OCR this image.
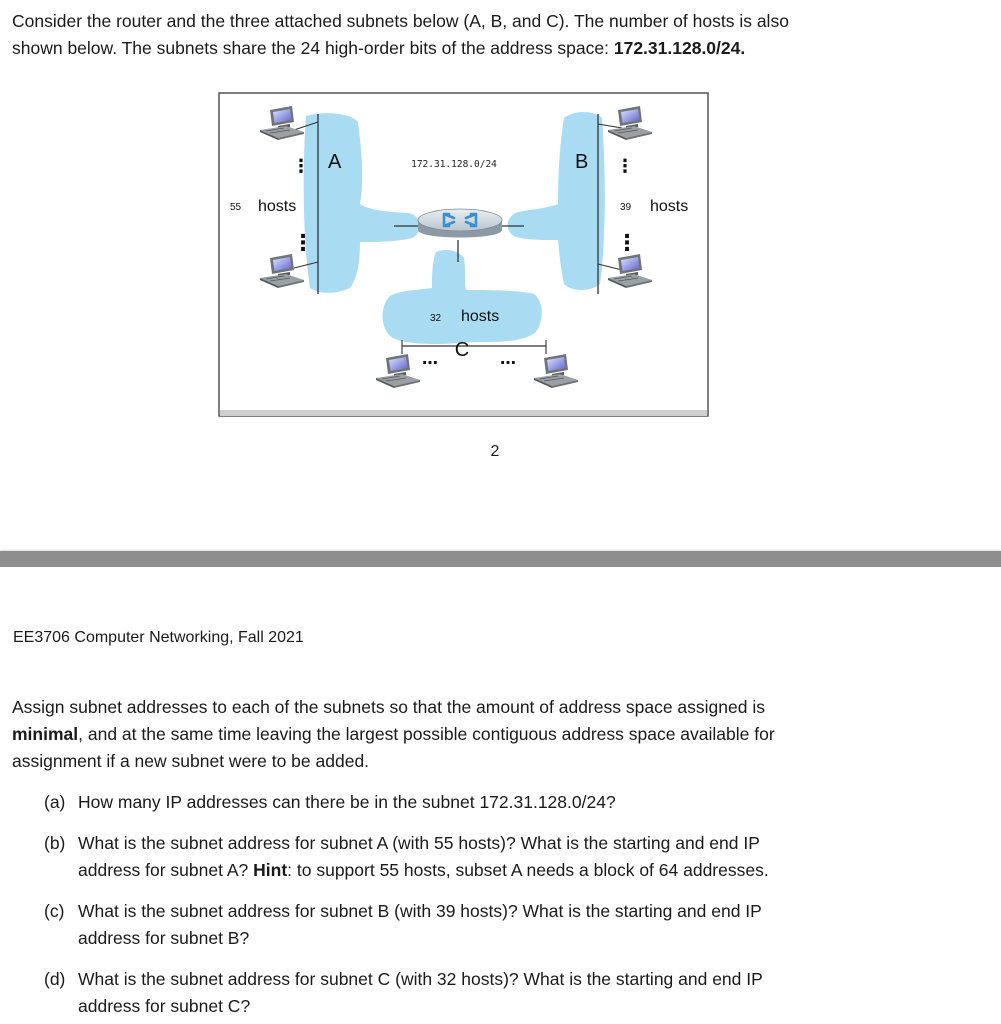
Consider the router and the three attached subnets below (A, B, and C). The number of hosts is also
shown below. The subnets share the 24 high-order bits of the address space: 172.31.128.0/24.
A	B
C
172.31.128.0/24
55 hosts	39 hosts
32 hosts
⋮
⋮
⋮
⋮
…	…
2
EE3706 Computer Networking, Fall 2021
Assign subnet addresses to each of the subnets so that the amount of address space assigned is
minimal, and at the same time leaving the largest possible contiguous address space available for
assignment if a new subnet were to be added.
(a) How many IP addresses can there be in the subnet 172.31.128.0/24?
(b) What is the subnet address for subnet A (with 55 hosts)? What is the starting and end IP
address for subnet A? Hint: to support 55 hosts, subset A needs a block of 64 addresses.
(c) What is the subnet address for subnet B (with 39 hosts)? What is the starting and end IP
address for subnet B?
(d) What is the subnet address for subnet C (with 32 hosts)? What is the starting and end IP
address for subnet C?
